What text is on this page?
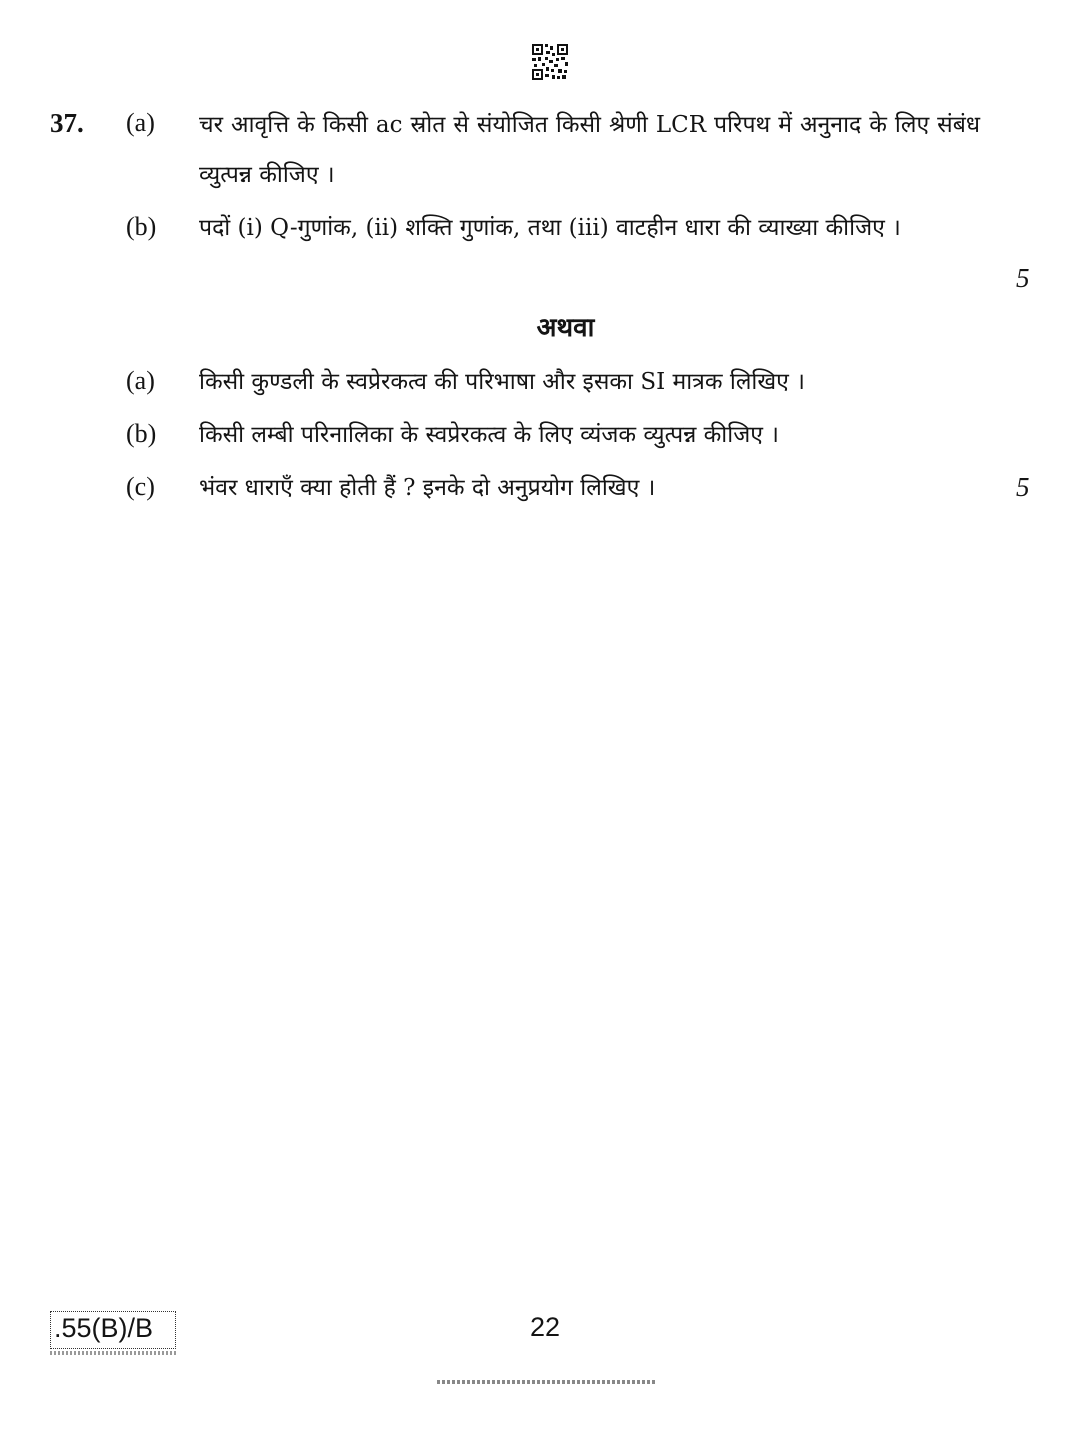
37. (a) चर आवृत्ति के किसी ac स्रोत से संयोजित किसी श्रेणी LCR परिपथ में अनुनाद के लिए संबंध व्युत्पन्न कीजिए ।
(b) पदों (i) Q-गुणांक, (ii) शक्ति गुणांक, तथा (iii) वाटहीन धारा की व्याख्या कीजिए ।
5
अथवा
(a) किसी कुण्डली के स्वप्रेरकत्व की परिभाषा और इसका SI मात्रक लिखिए ।
(b) किसी लम्बी परिनालिका के स्वप्रेरकत्व के लिए व्यंजक व्युत्पन्न कीजिए ।
(c) भंवर धाराएँ क्या होती हैं ? इनके दो अनुप्रयोग लिखिए ।	5
.55(B)/B	22
